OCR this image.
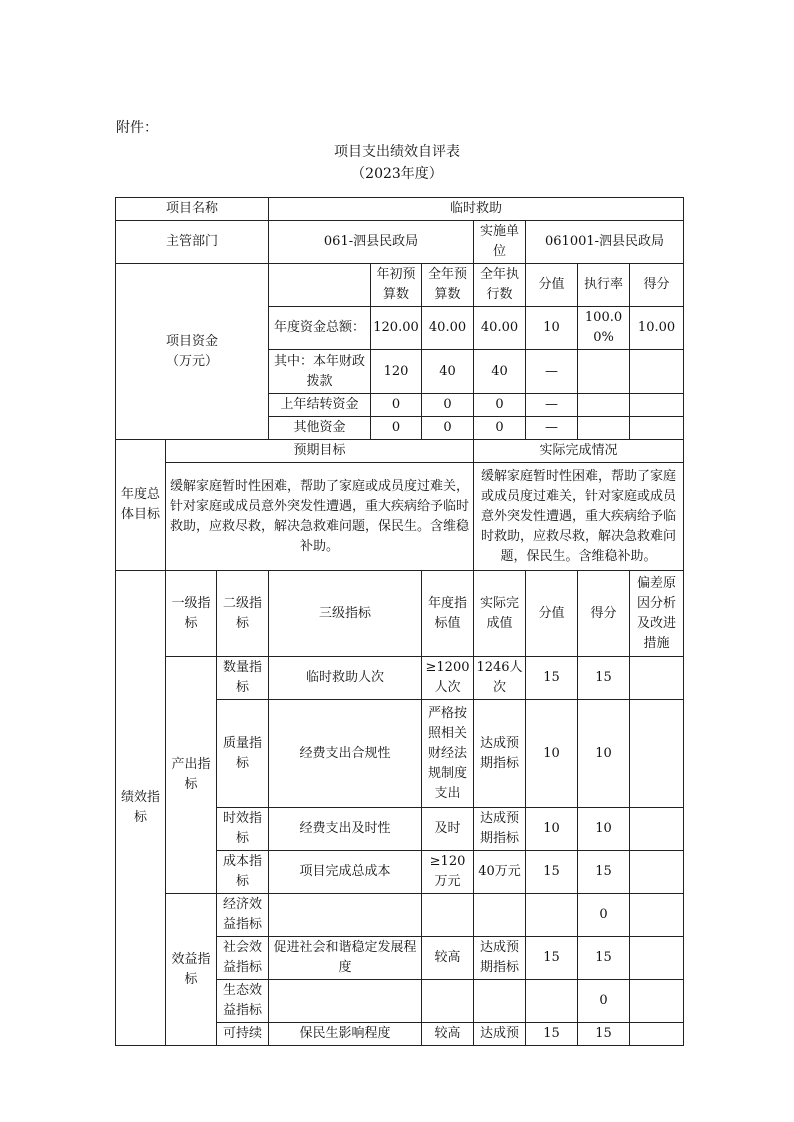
附件：
项目支出绩效自评表
（2023年度）
项目名称			临时救助						
主管部门			061-泗县民政局			实施单位	061001-泗县民政局		
项目资金
（万元）				年初预算数	全年预算数	全年执行数	分值	执行率	得分
			年度资金总额：	120.00	40.00	40.00	10	100.00%	10.00
			其中：本年财政拨款	120	40	40	—		
			上年结转资金	0	0	0	—		
			其他资金	0	0	0	—		
年度总体目标	预期目标					实际完成情况			
	缓解家庭暂时性困难，帮助了家庭或成员度过难关，针对家庭或成员意外突发性遭遇，重大疾病给予临时救助，应救尽救，解决急救难问题，保民生。含维稳补助。					缓解家庭暂时性困难，帮助了家庭或成员度过难关，针对家庭或成员意外突发性遭遇，重大疾病给予临时救助，应救尽救，解决急救难问题，保民生。含维稳补助。			
绩效指标	一级指标	二级指标	三级指标		年度指标值	实际完成值	分值	得分	偏差原因分析及改进措施
	产出指标	数量指标	临时救助人次		≥1200人次	1246人次	15	15	
		质量指标	经费支出合规性		严格按照相关财经法规制度支出	达成预期指标	10	10	
		时效指标	经费支出及时性		及时	达成预期指标	10	10	
		成本指标	项目完成总成本		≥120万元	40万元	15	15	
	效益指标	经济效益指标						0	
		社会效益指标	促进社会和谐稳定发展程度		较高	达成预期指标	15	15	
		生态效益指标						0	
		可持续	保民生影响程度		较高	达成预	15	15	
